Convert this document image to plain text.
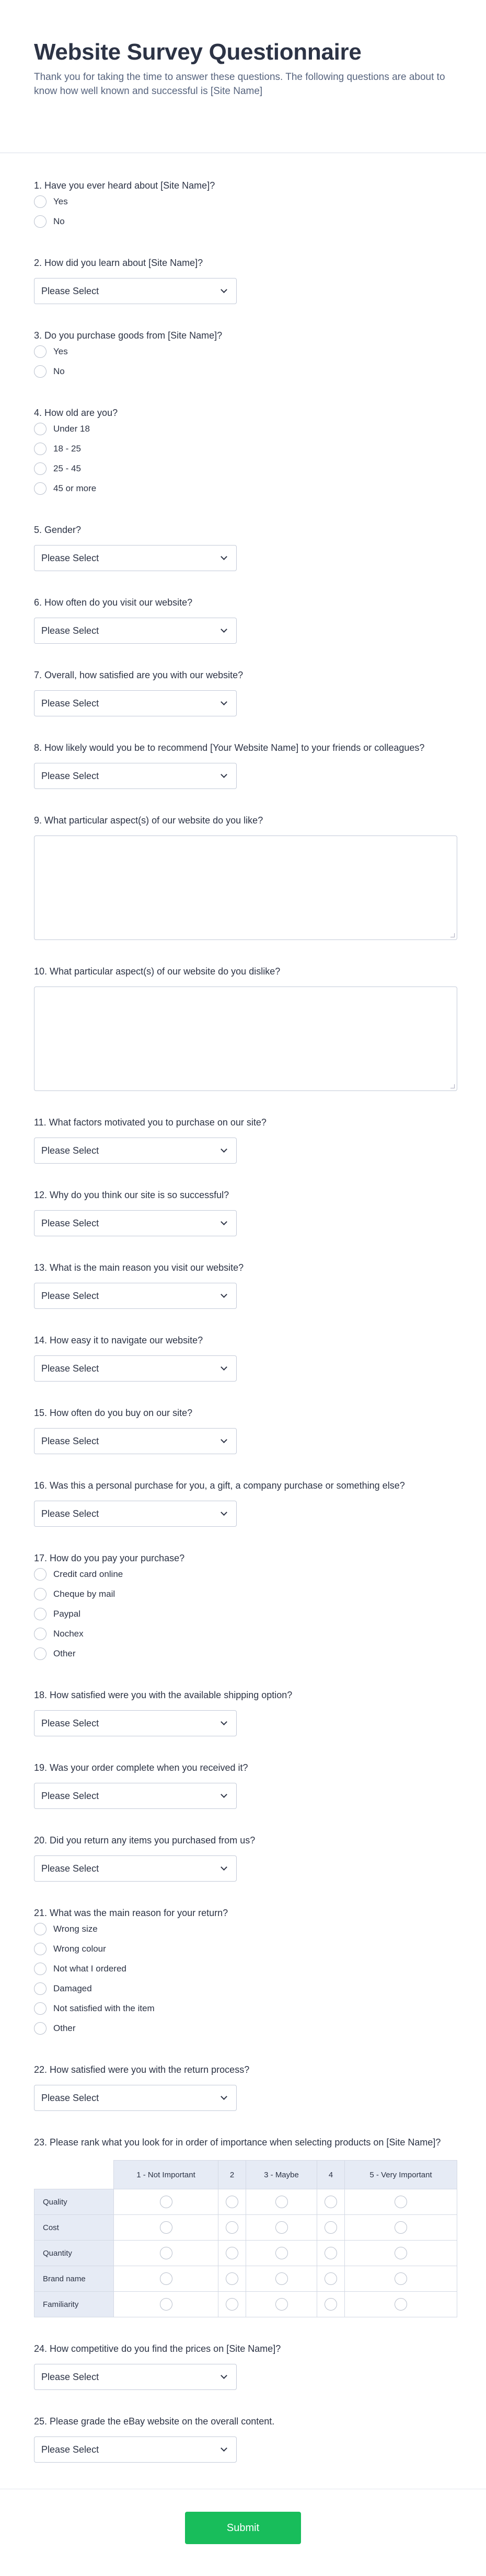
Website Survey Questionnaire

Thank you for taking the time to answer these questions. The following questions are about to know how well known and successful is [Site Name]

1. Have you ever heard about [Site Name]?
Yes
No
2. How did you learn about [Site Name]?
Please Select
3. Do you purchase goods from [Site Name]?
Yes
No
4. How old are you?
Under 18
18 - 25
25 - 45
45 or more
5. Gender?
Please Select
6. How often do you visit our website?
Please Select
7. Overall, how satisfied are you with our website?
Please Select
8. How likely would you be to recommend [Your Website Name] to your friends or colleagues?
Please Select
9. What particular aspect(s) of our website do you like?
10. What particular aspect(s) of our website do you dislike?
11. What factors motivated you to purchase on our site?
Please Select
12. Why do you think our site is so successful?
Please Select
13. What is the main reason you visit our website?
Please Select
14. How easy it to navigate our website?
Please Select
15. How often do you buy on our site?
Please Select
16. Was this a personal purchase for you, a gift, a company purchase or something else?
Please Select
17. How do you pay your purchase?
Credit card online
Cheque by mail
Paypal
Nochex
Other
18. How satisfied were you with the available shipping option?
Please Select
19. Was your order complete when you received it?
Please Select
20. Did you return any items you purchased from us?
Please Select
21. What was the main reason for your return?
Wrong size
Wrong colour
Not what I ordered
Damaged
Not satisfied with the item
Other
22. How satisfied were you with the return process?
Please Select
23. Please rank what you look for in order of importance when selecting products on [Site Name]?
	1 - Not Important	2	3 - Maybe	4	5 - Very Important
Quality					
Cost					
Quantity					
Brand name					
Familiarity					
24. How competitive do you find the prices on [Site Name]?
Please Select
25. Please grade the eBay website on the overall content.
Please Select
Submit
